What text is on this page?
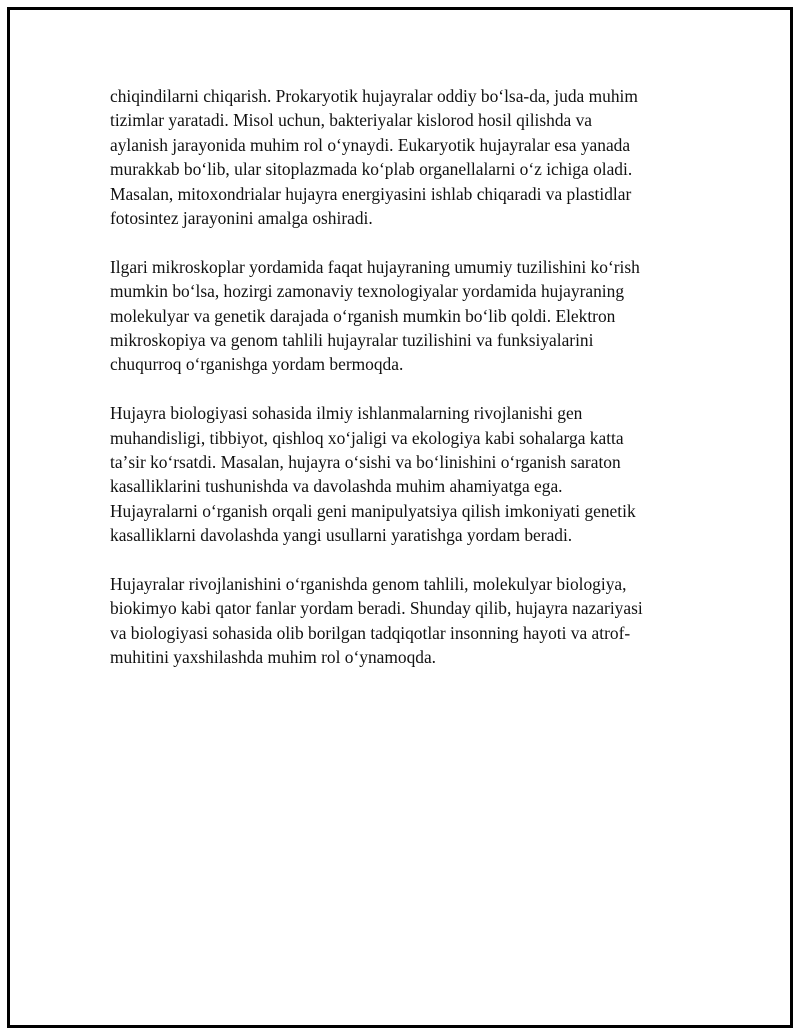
chiqindilarni chiqarish. Prokaryotik hujayralar oddiy boʻlsa-da, juda muhim
tizimlar yaratadi. Misol uchun, bakteriyalar kislorod hosil qilishda va
aylanish jarayonida muhim rol oʻynaydi. Eukaryotik hujayralar esa yanada
murakkab boʻlib, ular sitoplazmada koʻplab organellalarni oʻz ichiga oladi.
Masalan, mitoxondrialar hujayra energiyasini ishlab chiqaradi va plastidlar
fotosintez jarayonini amalga oshiradi.

Ilgari mikroskoplar yordamida faqat hujayraning umumiy tuzilishini koʻrish
mumkin boʻlsa, hozirgi zamonaviy texnologiyalar yordamida hujayraning
molekulyar va genetik darajada oʻrganish mumkin boʻlib qoldi. Elektron
mikroskopiya va genom tahlili hujayralar tuzilishini va funksiyalarini
chuqurroq oʻrganishga yordam bermoqda.

Hujayra biologiyasi sohasida ilmiy ishlanmalarning rivojlanishi gen
muhandisligi, tibbiyot, qishloq xoʻjaligi va ekologiya kabi sohalarga katta
taʼsir koʻrsatdi. Masalan, hujayra oʻsishi va boʻlinishini oʻrganish saraton
kasalliklarini tushunishda va davolashda muhim ahamiyatga ega.
Hujayralarni oʻrganish orqali geni manipulyatsiya qilish imkoniyati genetik
kasalliklarni davolashda yangi usullarni yaratishga yordam beradi.

Hujayralar rivojlanishini oʻrganishda genom tahlili, molekulyar biologiya,
biokimyo kabi qator fanlar yordam beradi. Shunday qilib, hujayra nazariyasi
va biologiyasi sohasida olib borilgan tadqiqotlar insonning hayoti va atrof-
muhitini yaxshilashda muhim rol oʻynamoqda.
